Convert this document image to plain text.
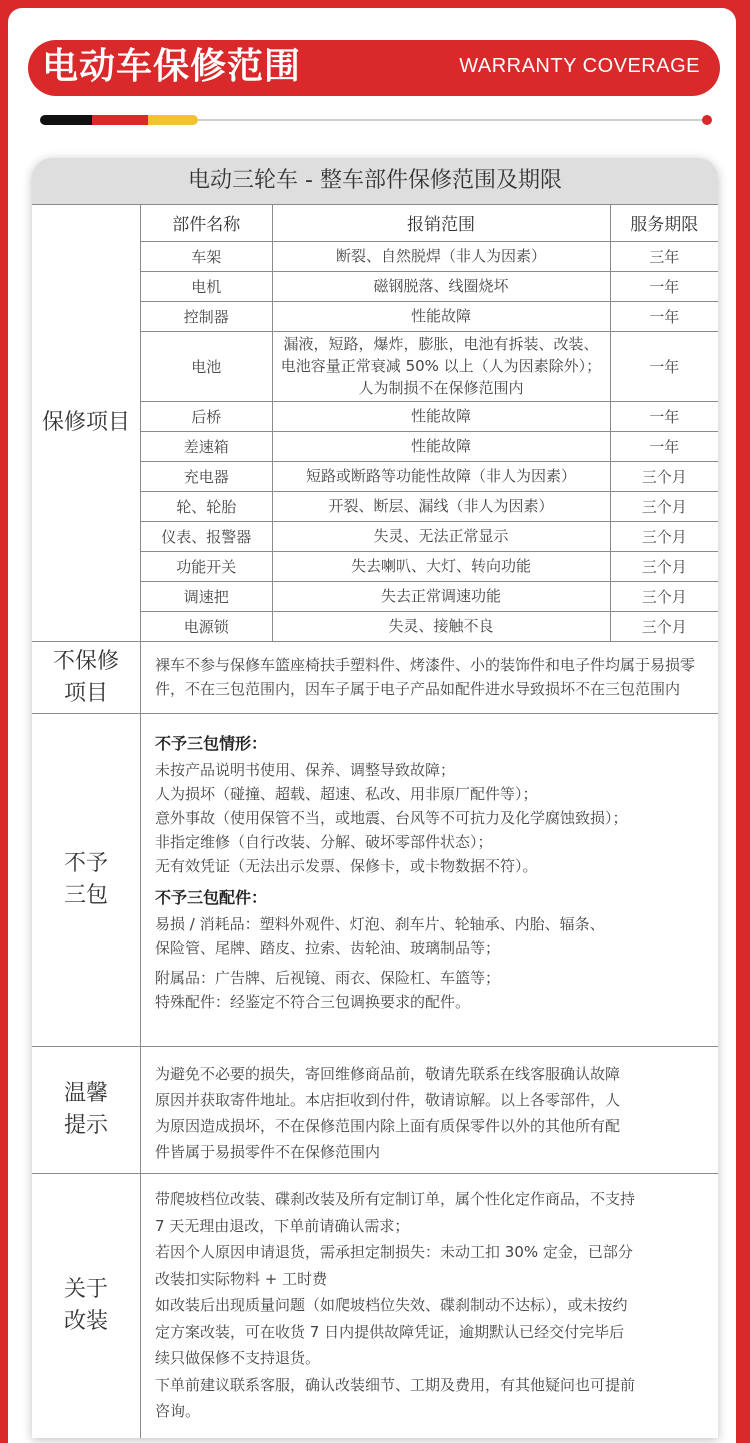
电动车保修范围	WARRANTY COVERAGE
电动三轮车 - 整车部件保修范围及期限
保修项目
部件名称	报销范围	服务期限
车架	断裂、自然脱焊（非人为因素）	三年
电机	磁钢脱落、线圈烧坏	一年
控制器	性能故障	一年
电池	漏液，短路，爆炸，膨胀，电池有拆装、改装、
电池容量正常衰减 50% 以上（人为因素除外）；
人为制损不在保修范围内	一年
后桥	性能故障	一年
差速箱	性能故障	一年
充电器	短路或断路等功能性故障（非人为因素）	三个月
轮、轮胎	开裂、断层、漏线（非人为因素）	三个月
仪表、报警器	失灵、无法正常显示	三个月
功能开关	失去喇叭、大灯、转向功能	三个月
调速把	失去正常调速功能	三个月
电源锁	失灵、接触不良	三个月
不保修
项目
裸车不参与保修车篮座椅扶手塑料件、烤漆件、小的装饰件和电子件均属于易损零
件，不在三包范围内，因车子属于电子产品如配件进水导致损坏不在三包范围内
不予
三包
不予三包情形：
未按产品说明书使用、保养、调整导致故障；
人为损坏（碰撞、超载、超速、私改、用非原厂配件等）；
意外事故（使用保管不当，或地震、台风等不可抗力及化学腐蚀致损）；
非指定维修（自行改装、分解、破坏零部件状态）；
无有效凭证（无法出示发票、保修卡，或卡物数据不符）。
不予三包配件：
易损 / 消耗品：塑料外观件、灯泡、刹车片、轮轴承、内胎、辐条、
保险管、尾牌、踏皮、拉索、齿轮油、玻璃制品等；
附属品：广告牌、后视镜、雨衣、保险杠、车篮等；
特殊配件：经鉴定不符合三包调换要求的配件。
温馨
提示
为避免不必要的损失，寄回维修商品前，敬请先联系在线客服确认故障
原因并获取寄件地址。本店拒收到付件，敬请谅解。以上各零部件，人
为原因造成损坏，不在保修范围内除上面有质保零件以外的其他所有配
件皆属于易损零件不在保修范围内
关于
改装
带爬坡档位改装、碟刹改装及所有定制订单，属个性化定作商品，不支持
7 天无理由退改，下单前请确认需求；
若因个人原因申请退货，需承担定制损失：未动工扣 30% 定金，已部分
改装扣实际物料 + 工时费
如改装后出现质量问题（如爬坡档位失效、碟刹制动不达标），或未按约
定方案改装，可在收货 7 日内提供故障凭证，逾期默认已经交付完毕后
续只做保修不支持退货。
下单前建议联系客服，确认改装细节、工期及费用，有其他疑问也可提前
咨询。
